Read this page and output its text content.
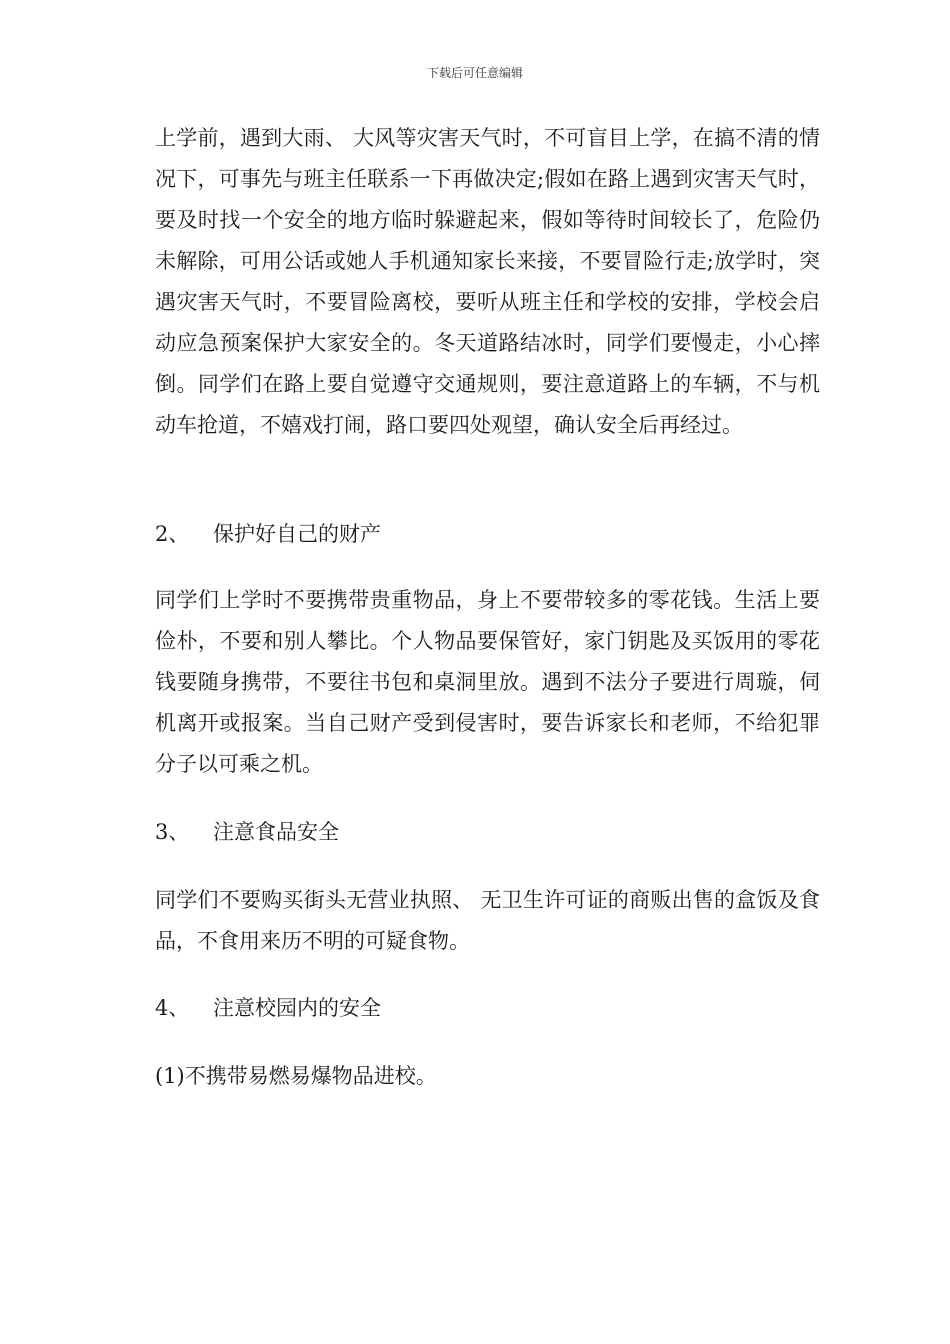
下载后可任意编辑

上学前，遇到大雨、 大风等灾害天气时，不可盲目上学，在搞不清的情况下，可事先与班主任联系一下再做决定;假如在路上遇到灾害天气时，要及时找一个安全的地方临时躲避起来，假如等待时间较长了，危险仍未解除，可用公话或她人手机通知家长来接，不要冒险行走;放学时，突遇灾害天气时，不要冒险离校，要听从班主任和学校的安排，学校会启动应急预案保护大家安全的。冬天道路结冰时，同学们要慢走，小心摔倒。同学们在路上要自觉遵守交通规则，要注意道路上的车辆，不与机动车抢道，不嬉戏打闹，路口要四处观望，确认安全后再经过。

2、 保护好自己的财产

同学们上学时不要携带贵重物品，身上不要带较多的零花钱。生活上要俭朴，不要和别人攀比。个人物品要保管好，家门钥匙及买饭用的零花钱要随身携带，不要往书包和桌洞里放。遇到不法分子要进行周璇，伺机离开或报案。当自己财产受到侵害时，要告诉家长和老师，不给犯罪分子以可乘之机。

3、 注意食品安全

同学们不要购买街头无营业执照、 无卫生许可证的商贩出售的盒饭及食品，不食用来历不明的可疑食物。

4、 注意校园内的安全

(1)不携带易燃易爆物品进校。
